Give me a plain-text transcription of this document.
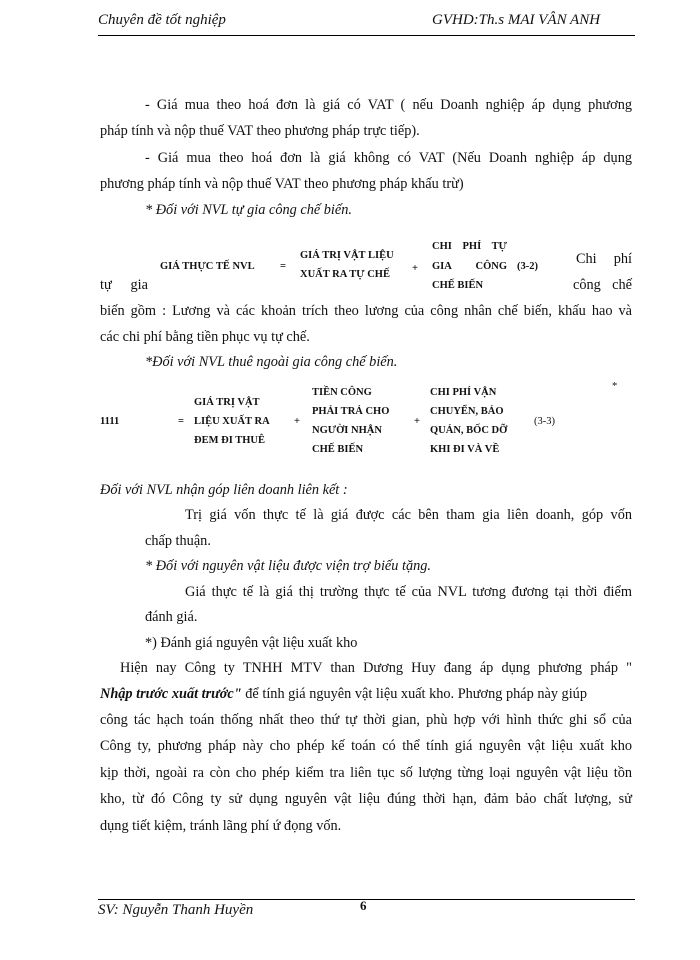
Chuyên đề tốt nghiệp	GVHD:Th.s MAI VÂN ANH
- Giá mua theo hoá đơn là giá có VAT ( nếu Doanh nghiệp áp dụng phương
pháp tính và nộp thuế VAT theo phương pháp trực tiếp).
- Giá mua theo hoá đơn là giá không có VAT (Nếu Doanh nghiệp áp dụng
phương pháp tính và nộp thuế VAT theo phương pháp khấu trừ)
* Đối với NVL tự gia công chế biến.
GIÁ THỰC TẾ NVL =
GIÁ TRỊ VẬT LIỆU
XUẤT RA TỰ CHẾ
+
CHI PHÍ TỰ
GIA CÔNG
CHẾ BIẾN
(3-2)	Chi phí
tự gia	công chế
biến gồm : Lương và các khoản trích theo lương của công nhân chế biến, khấu hao và
các chi phí bằng tiền phục vụ tự chế.
*Đối với NVL thuê ngoài gia công chế biến.
1111	=
GIÁ TRỊ VẬT
LIỆU XUẤT RA
ĐEM ĐI THUÊ
+
TIỀN CÔNG
PHẢI TRẢ CHO
NGƯỜI NHẬN
CHẾ BIẾN
+
CHI PHÍ VẬN
CHUYỂN, BẢO
QUẢN, BỐC DỠ
KHI ĐI VÀ VỀ
(3-3)
*
Đối với NVL nhận góp liên doanh liên kết :
Trị giá vốn thực tế là giá được các bên tham gia liên doanh, góp vốn
chấp thuận.
* Đối với nguyên vật liệu được viện trợ biếu tặng.
Giá thực tế là giá thị trường thực tế của NVL tương đương tại thời điểm
đánh giá.
*) Đánh giá nguyên vật liệu xuất kho
Hiện nay Công ty TNHH MTV than Dương Huy đang áp dụng phương pháp "
Nhập trước xuất trước" để tính giá nguyên vật liệu xuất kho. Phương pháp này giúp
công tác hạch toán thống nhất theo thứ tự thời gian, phù hợp với hình thức ghi sổ của
Công ty, phương pháp này cho phép kế toán có thể tính giá nguyên vật liệu xuất kho
kịp thời, ngoài ra còn cho phép kiểm tra liên tục số lượng từng loại nguyên vật liệu tồn
kho, từ đó Công ty sử dụng nguyên vật liệu đúng thời hạn, đảm bảo chất lượng, sử
dụng tiết kiệm, tránh lãng phí ứ đọng vốn.
SV: Nguyễn Thanh Huyền	6
